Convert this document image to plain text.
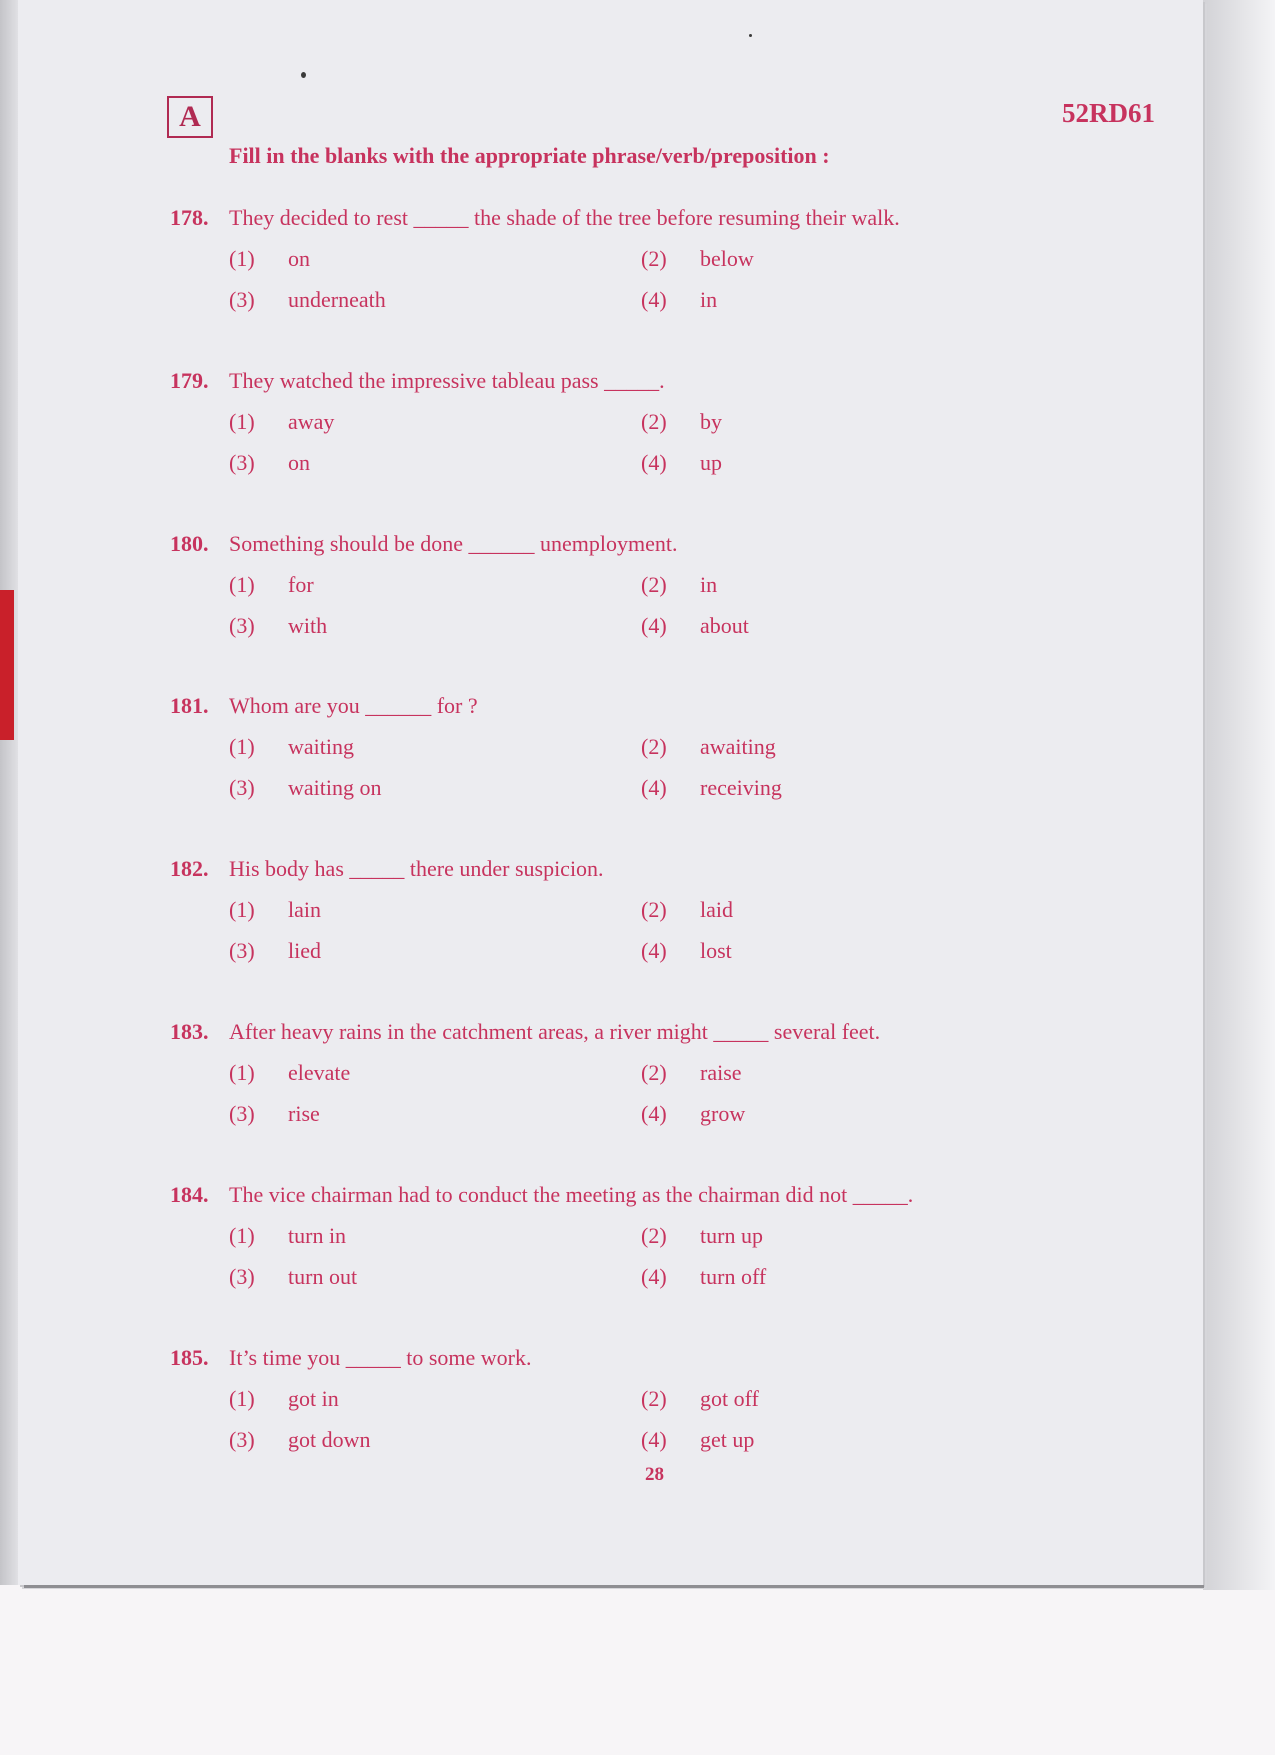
A	52RD61
Fill in the blanks with the appropriate phrase/verb/preposition :
178. They decided to rest _____ the shade of the tree before resuming their walk.
(1) on	(2) below
(3) underneath	(4) in
179. They watched the impressive tableau pass _____.
(1) away	(2) by
(3) on	(4) up
180. Something should be done ______ unemployment.
(1) for	(2) in
(3) with	(4) about
181. Whom are you ______ for ?
(1) waiting	(2) awaiting
(3) waiting on	(4) receiving
182. His body has _____ there under suspicion.
(1) lain	(2) laid
(3) lied	(4) lost
183. After heavy rains in the catchment areas, a river might _____ several feet.
(1) elevate	(2) raise
(3) rise	(4) grow
184. The vice chairman had to conduct the meeting as the chairman did not _____.
(1) turn in	(2) turn up
(3) turn out	(4) turn off
185. It’s time you _____ to some work.
(1) got in	(2) got off
(3) got down	(4) get up
28
